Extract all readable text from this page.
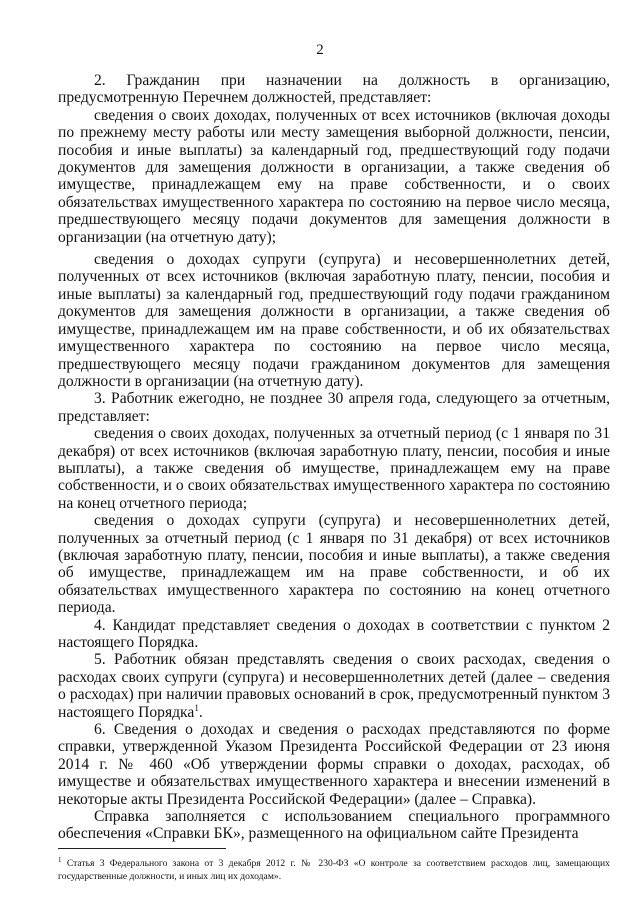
2

2. Гражданин при назначении на должность в организацию, предусмотренную Перечнем должностей, представляет:

сведения о своих доходах, полученных от всех источников (включая доходы по прежнему месту работы или месту замещения выборной должности, пенсии, пособия и иные выплаты) за календарный год, предшествующий году подачи документов для замещения должности в организации, а также сведения об имуществе, принадлежащем ему на праве собственности, и о своих обязательствах имущественного характера по состоянию на первое число месяца, предшествующего месяцу подачи документов для замещения должности в организации (на отчетную дату);

сведения о доходах супруги (супруга) и несовершеннолетних детей, полученных от всех источников (включая заработную плату, пенсии, пособия и иные выплаты) за календарный год, предшествующий году подачи гражданином документов для замещения должности в организации, а также сведения об имуществе, принадлежащем им на праве собственности, и об их обязательствах имущественного характера по состоянию на первое число месяца, предшествующего месяцу подачи гражданином документов для замещения должности в организации (на отчетную дату).

3. Работник ежегодно, не позднее 30 апреля года, следующего за отчетным, представляет:

сведения о своих доходах, полученных за отчетный период (с 1 января по 31 декабря) от всех источников (включая заработную плату, пенсии, пособия и иные выплаты), а также сведения об имуществе, принадлежащем ему на праве собственности, и о своих обязательствах имущественного характера по состоянию на конец отчетного периода;

сведения о доходах супруги (супруга) и несовершеннолетних детей, полученных за отчетный период (с 1 января по 31 декабря) от всех источников (включая заработную плату, пенсии, пособия и иные выплаты), а также сведения об имуществе, принадлежащем им на праве собственности, и об их обязательствах имущественного характера по состоянию на конец отчетного периода.

4. Кандидат представляет сведения о доходах в соответствии с пунктом 2 настоящего Порядка.

5. Работник обязан представлять сведения о своих расходах, сведения о расходах своих супруги (супруга) и несовершеннолетних детей (далее – сведения о расходах) при наличии правовых оснований в срок, предусмотренный пунктом 3 настоящего Порядка$^1$.

6. Сведения о доходах и сведения о расходах представляются по форме справки, утвержденной Указом Президента Российской Федерации от 23 июня 2014 г. № 460 «Об утверждении формы справки о доходах, расходах, об имуществе и обязательствах имущественного характера и внесении изменений в некоторые акты Президента Российской Федерации» (далее – Справка).

Справка заполняется с использованием специального программного обеспечения «Справки БК», размещенного на официальном сайте Президента

$^1$ Статья 3 Федерального закона от 3 декабря 2012 г. № 230-ФЗ «О контроле за соответствием расходов лиц, замещающих государственные должности, и иных лиц их доходам».
